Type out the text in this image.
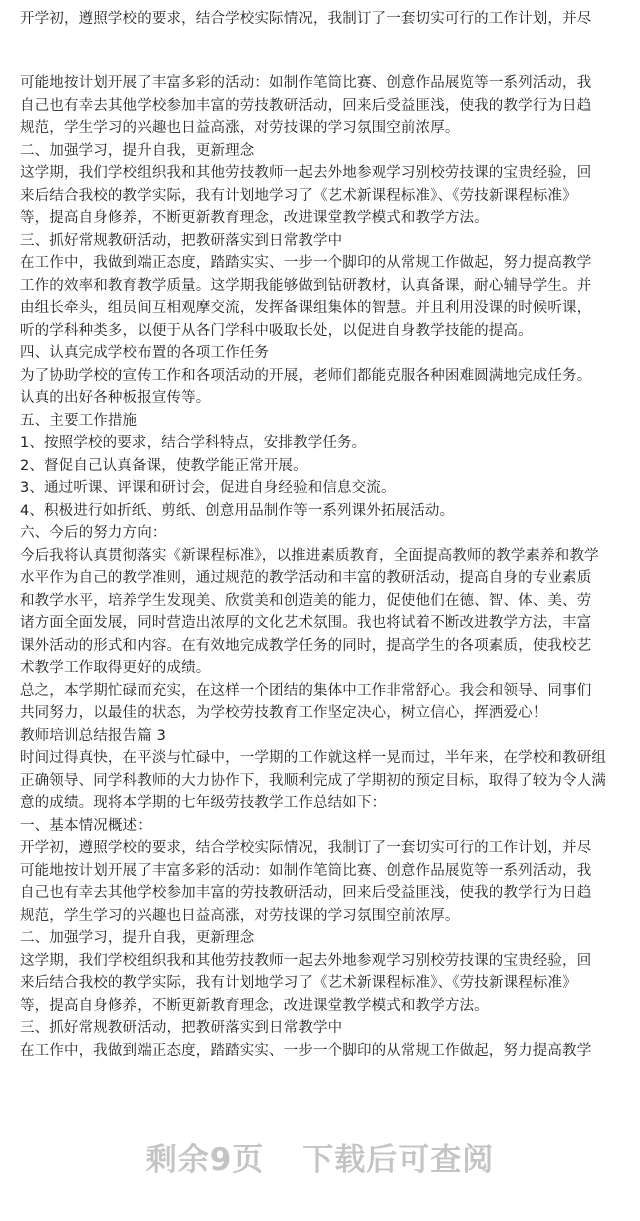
开学初，遵照学校的要求，结合学校实际情况，我制订了一套切实可行的工作计划，并尽
可能地按计划开展了丰富多彩的活动：如制作笔筒比赛、创意作品展览等一系列活动，我
自己也有幸去其他学校参加丰富的劳技教研活动，回来后受益匪浅，使我的教学行为日趋
规范，学生学习的兴趣也日益高涨，对劳技课的学习氛围空前浓厚。
二、加强学习，提升自我，更新理念
这学期，我们学校组织我和其他劳技教师一起去外地参观学习别校劳技课的宝贵经验，回
来后结合我校的教学实际，我有计划地学习了《艺术新课程标准》、《劳技新课程标准》
等，提高自身修养，不断更新教育理念，改进课堂教学模式和教学方法。
三、抓好常规教研活动，把教研落实到日常教学中
在工作中，我做到端正态度，踏踏实实、一步一个脚印的从常规工作做起，努力提高教学
工作的效率和教育教学质量。这学期我能够做到钻研教材，认真备课，耐心辅导学生。并
由组长牵头，组员间互相观摩交流，发挥备课组集体的智慧。并且利用没课的时候听课，
听的学科种类多，以便于从各门学科中吸取长处，以促进自身教学技能的提高。
四、认真完成学校布置的各项工作任务
为了协助学校的宣传工作和各项活动的开展，老师们都能克服各种困难圆满地完成任务。
认真的出好各种板报宣传等。
五、主要工作措施
1、按照学校的要求，结合学科特点，安排教学任务。
2、督促自己认真备课，使教学能正常开展。
3、通过听课、评课和研讨会，促进自身经验和信息交流。
4、积极进行如折纸、剪纸、创意用品制作等一系列课外拓展活动。
六、今后的努力方向：
今后我将认真贯彻落实《新课程标准》，以推进素质教育，全面提高教师的教学素养和教学
水平作为自己的教学准则，通过规范的教学活动和丰富的教研活动，提高自身的专业素质
和教学水平，培养学生发现美、欣赏美和创造美的能力，促使他们在德、智、体、美、劳
诸方面全面发展，同时营造出浓厚的文化艺术氛围。我也将试着不断改进教学方法，丰富
课外活动的形式和内容。在有效地完成教学任务的同时，提高学生的各项素质，使我校艺
术教学工作取得更好的成绩。
总之，本学期忙碌而充实，在这样一个团结的集体中工作非常舒心。我会和领导、同事们
共同努力，以最佳的状态，为学校劳技教育工作坚定决心，树立信心，挥洒爱心！
教师培训总结报告篇 3
时间过得真快，在平淡与忙碌中，一学期的工作就这样一晃而过，半年来，在学校和教研组
正确领导、同学科教师的大力协作下，我顺利完成了学期初的预定目标，取得了较为令人满
意的成绩。现将本学期的七年级劳技教学工作总结如下：
一、基本情况概述：
开学初，遵照学校的要求，结合学校实际情况，我制订了一套切实可行的工作计划，并尽
可能地按计划开展了丰富多彩的活动：如制作笔筒比赛、创意作品展览等一系列活动，我
自己也有幸去其他学校参加丰富的劳技教研活动，回来后受益匪浅，使我的教学行为日趋
规范，学生学习的兴趣也日益高涨，对劳技课的学习氛围空前浓厚。
二、加强学习，提升自我，更新理念
这学期，我们学校组织我和其他劳技教师一起去外地参观学习别校劳技课的宝贵经验，回
来后结合我校的教学实际，我有计划地学习了《艺术新课程标准》、《劳技新课程标准》
等，提高自身修养，不断更新教育理念，改进课堂教学模式和教学方法。
三、抓好常规教研活动，把教研落实到日常教学中
在工作中，我做到端正态度，踏踏实实、一步一个脚印的从常规工作做起，努力提高教学
剩余9页 下载后可查阅
